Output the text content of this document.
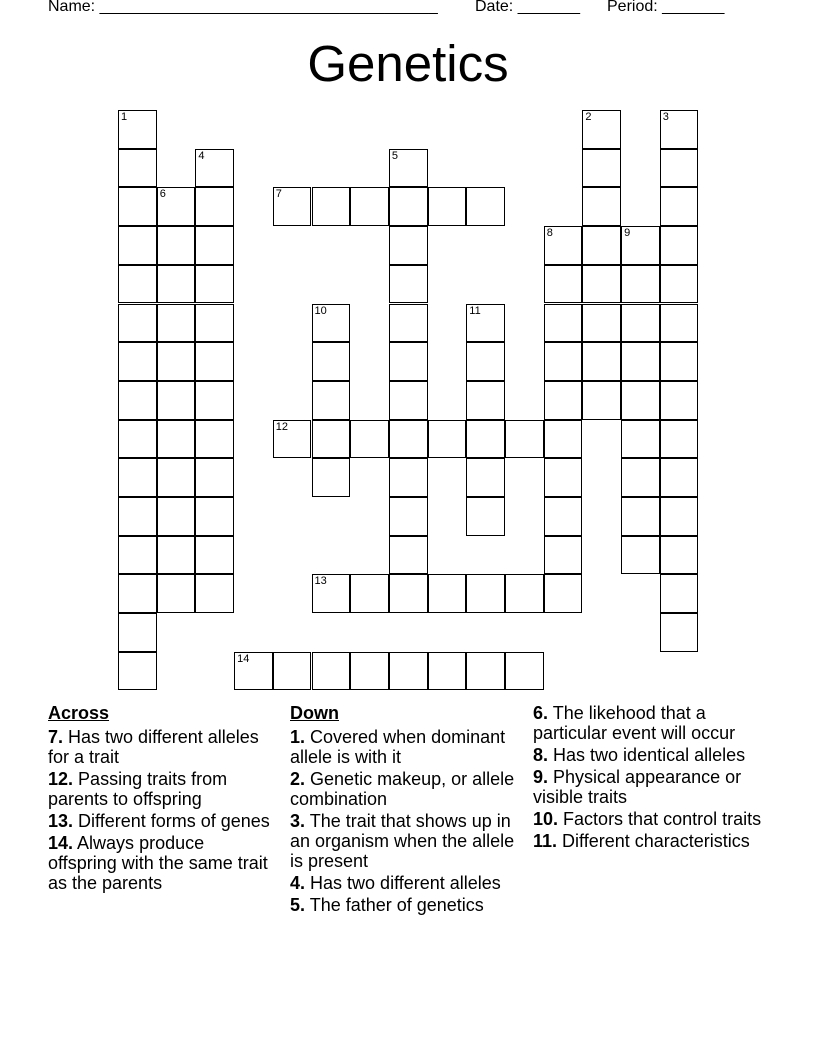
Name: ______________________________________ Date: _______ Period: _______
Genetics
7
12
13
14
1	2	3
4	5
6
8	9
10	11
Across
7. Has two different alleles for a trait
12. Passing traits from parents to offspring
13. Different forms of genes
14. Always produce offspring with the same trait as the parents
Down
1. Covered when dominant allele is with it
2. Genetic makeup, or allele combination
3. The trait that shows up in an organism when the allele is present
4. Has two different alleles
5. The father of genetics
6. The likehood that a particular event will occur
8. Has two identical alleles
9. Physical appearance or visible traits
10. Factors that control traits
11. Different characteristics
